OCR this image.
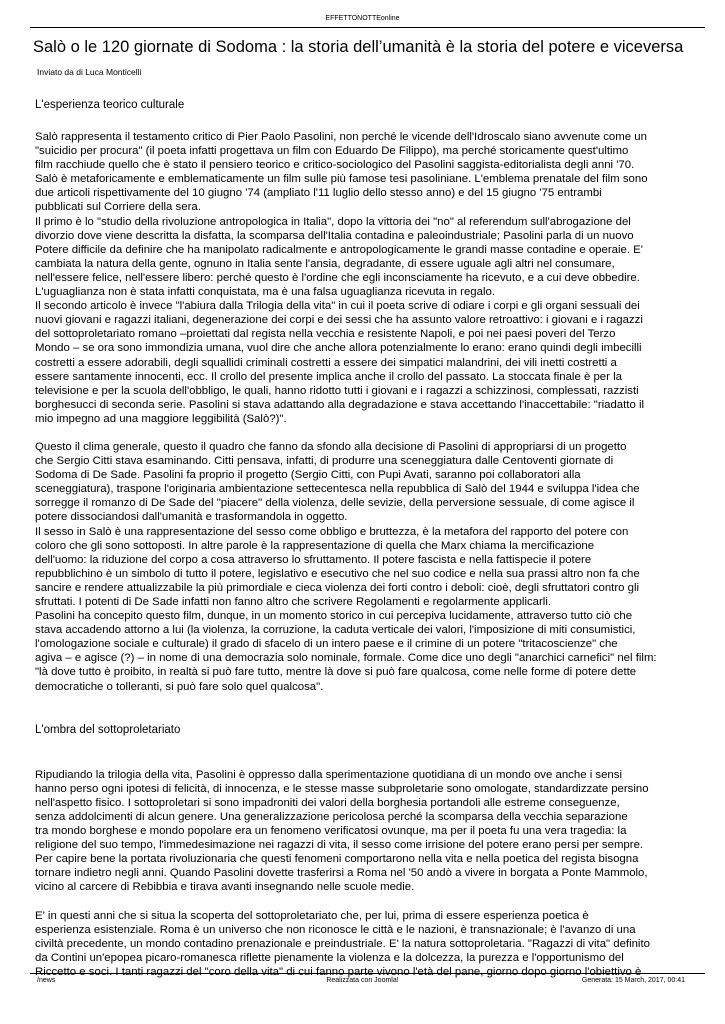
EFFETTONOTTEonline
Salò o le 120 giornate di Sodoma : la storia dell’umanità è la storia del potere e viceversa
Inviato da di Luca Monticelli

L'esperienza teorico culturale

Salò rappresenta il testamento critico di Pier Paolo Pasolini, non perché le vicende dell'Idroscalo siano avvenute come un
"suicidio per procura" (il poeta infatti progettava un film con Eduardo De Filippo), ma perché storicamente quest'ultimo
film racchiude quello che è stato il pensiero teorico e critico-sociologico del Pasolini saggista-editorialista degli anni '70.
Salò è metaforicamente e emblematicamente un film sulle più famose tesi pasoliniane. L'emblema prenatale del film sono
due articoli rispettivamente del 10 giugno '74 (ampliato l'11 luglio dello stesso anno) e del 15 giugno '75 entrambi
pubblicati sul Corriere della sera.
Il primo è lo "studio della rivoluzione antropologica in Italia", dopo la vittoria dei "no" al referendum sull'abrogazione del
divorzio dove viene descritta la disfatta, la scomparsa dell'Italia contadina e paleoindustriale; Pasolini parla di un nuovo
Potere difficile da definire che ha manipolato radicalmente e antropologicamente le grandi masse contadine e operaie. E'
cambiata la natura della gente, ognuno in Italia sente l'ansia, degradante, di essere uguale agli altri nel consumare,
nell'essere felice, nell'essere libero: perché questo è l'ordine che egli inconsciamente ha ricevuto, e a cui deve obbedire.
L'uguaglianza non è stata infatti conquistata, ma è una falsa uguaglianza ricevuta in regalo.
Il secondo articolo è invece "l'abiura dalla Trilogia della vita" in cui il poeta scrive di odiare i corpi e gli organi sessuali dei
nuovi giovani e ragazzi italiani, degenerazione dei corpi e dei sessi che ha assunto valore retroattivo: i giovani e i ragazzi
del sottoproletariato romano –proiettati dal regista nella vecchia e resistente Napoli, e poi nei paesi poveri del Terzo
Mondo – se ora sono immondizia umana, vuol dire che anche allora potenzialmente lo erano: erano quindi degli imbecilli
costretti a essere adorabili, degli squallidi criminali costretti a essere dei simpatici malandrini, dei vili inetti costretti a
essere santamente innocenti, ecc. Il crollo del presente implica anche il crollo del passato. La stoccata finale è per la
televisione e per la scuola dell'obbligo, le quali, hanno ridotto tutti i giovani e i ragazzi a schizzinosi, complessati, razzisti
borghesucci di seconda serie. Pasolini si stava adattando alla degradazione e stava accettando l'inaccettabile: "riadatto il
mio impegno ad una maggiore leggibilità (Salò?)".

Questo il clima generale, questo il quadro che fanno da sfondo alla decisione di Pasolini di appropriarsi di un progetto
che Sergio Citti stava esaminando. Citti pensava, infatti, di produrre una sceneggiatura dalle Centoventi giornate di
Sodoma di De Sade. Pasolini fa proprio il progetto (Sergio Citti, con Pupi Avati, saranno poi collaboratori alla
sceneggiatura), traspone l'originaria ambientazione settecentesca nella repubblica di Salò del 1944 e sviluppa l'idea che
sorregge il romanzo di De Sade del "piacere" della violenza, delle sevizie, della perversione sessuale, di come agisce il
potere dissociandosi dall'umanità e trasformandola in oggetto.
Il sesso in Salò è una rappresentazione del sesso come obbligo e bruttezza, è la metafora del rapporto del potere con
coloro che gli sono sottoposti. In altre parole è la rappresentazione di quella che Marx chiama la mercificazione
dell'uomo: la riduzione del corpo a cosa attraverso lo sfruttamento. Il potere fascista e nella fattispecie il potere
repubblichino è un simbolo di tutto il potere, legislativo e esecutivo che nel suo codice e nella sua prassi altro non fa che
sancire e rendere attualizzabile la più primordiale e cieca violenza dei forti contro i deboli: cioè, degli sfruttatori contro gli
sfruttati. I potenti di De Sade infatti non fanno altro che scrivere Regolamenti e regolarmente applicarli.
Pasolini ha concepito questo film, dunque, in un momento storico in cui percepiva lucidamente, attraverso tutto ciò che
stava accadendo attorno a lui (la violenza, la corruzione, la caduta verticale dei valori, l'imposizione di miti consumistici,
l'omologazione sociale e culturale) il grado di sfacelo di un intero paese e il crimine di un potere "tritacoscienze" che
agiva – e agisce (?) – in nome di una democrazia solo nominale, formale. Come dice uno degli "anarchici carnefici" nel film:
"là dove tutto è proibito, in realtà si può fare tutto, mentre là dove si può fare qualcosa, come nelle forme di potere dette
democratiche o tolleranti, si può fare solo quel qualcosa".

L'ombra del sottoproletariato

Ripudiando la trilogia della vita, Pasolini è oppresso dalla sperimentazione quotidiana di un mondo ove anche i sensi
hanno perso ogni ipotesi di felicità, di innocenza, e le stesse masse subproletarie sono omologate, standardizzate persino
nell'aspetto fisico. I sottoproletari si sono impadroniti dei valori della borghesia portandoli alle estreme conseguenze,
senza addolcimenti di alcun genere. Una generalizzazione pericolosa perché la scomparsa della vecchia separazione
tra mondo borghese e mondo popolare era un fenomeno verificatosi ovunque, ma per il poeta fu una vera tragedia: la
religione del suo tempo, l'immedesimazione nei ragazzi di vita, il sesso come irrisione del potere erano persi per sempre.
Per capire bene la portata rivoluzionaria che questi fenomeni comportarono nella vita e nella poetica del regista bisogna
tornare indietro negli anni. Quando Pasolini dovette trasferirsi a Roma nel '50 andò a vivere in borgata a Ponte Mammolo,
vicino al carcere di Rebibbia e tirava avanti insegnando nelle scuole medie.

E' in questi anni che si situa la scoperta del sottoproletariato che, per lui, prima di essere esperienza poetica è
esperienza esistenziale. Roma è un universo che non riconosce le città e le nazioni, è transnazionale; è l'avanzo di una
civiltà precedente, un mondo contadino prenazionale e preindustriale. E' la natura sottoproletaria. "Ragazzi di vita" definito
da Contini un'epopea picaro-romanesca riflette pienamente la violenza e la dolcezza, la purezza e l'opportunismo del
Riccetto e soci. I tanti ragazzi del "coro della vita" di cui fanno parte vivono l'età del pane, giorno dopo giorno l'obiettivo è

/news	Realizzata con Joomla!	Generata: 15 March, 2017, 00:41
